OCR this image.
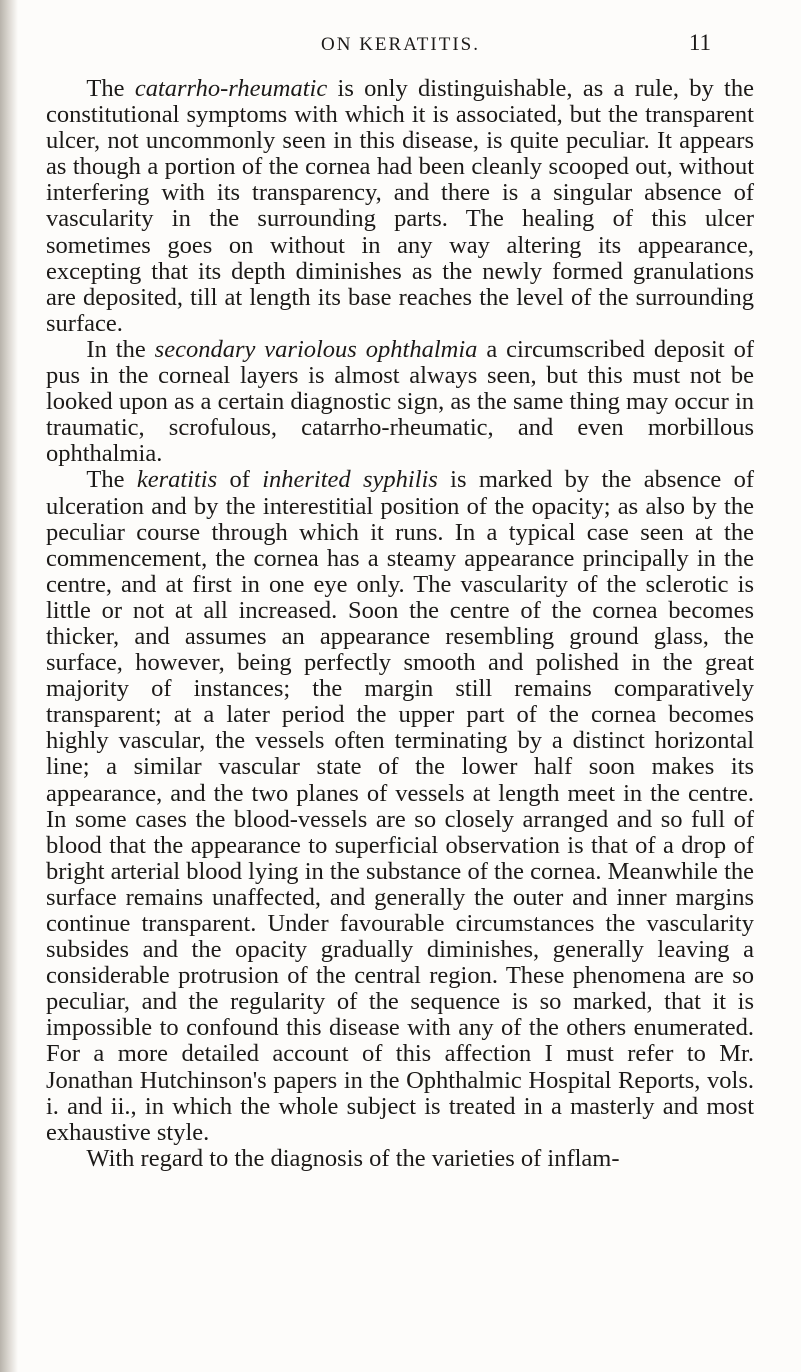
ON KERATITIS.	11

The catarrho-rheumatic is only distinguishable, as a rule, by the constitutional symptoms with which it is associated, but the transparent ulcer, not uncommonly seen in this disease, is quite peculiar. It appears as though a portion of the cornea had been cleanly scooped out, without interfering with its transparency, and there is a singular absence of vascularity in the surrounding parts. The healing of this ulcer sometimes goes on without in any way altering its appearance, excepting that its depth diminishes as the newly formed granulations are deposited, till at length its base reaches the level of the surrounding surface.

In the secondary variolous ophthalmia a circumscribed deposit of pus in the corneal layers is almost always seen, but this must not be looked upon as a certain diagnostic sign, as the same thing may occur in traumatic, scrofulous, catarrho-rheumatic, and even morbillous ophthalmia.

The keratitis of inherited syphilis is marked by the absence of ulceration and by the interestitial position of the opacity; as also by the peculiar course through which it runs. In a typical case seen at the commencement, the cornea has a steamy appearance principally in the centre, and at first in one eye only. The vascularity of the sclerotic is little or not at all increased. Soon the centre of the cornea becomes thicker, and assumes an appearance resembling ground glass, the surface, however, being perfectly smooth and polished in the great majority of instances; the margin still remains comparatively transparent; at a later period the upper part of the cornea becomes highly vascular, the vessels often terminating by a distinct horizontal line; a similar vascular state of the lower half soon makes its appearance, and the two planes of vessels at length meet in the centre. In some cases the blood-vessels are so closely arranged and so full of blood that the appearance to superficial observation is that of a drop of bright arterial blood lying in the substance of the cornea. Meanwhile the surface remains unaffected, and generally the outer and inner margins continue transparent. Under favourable circumstances the vascularity subsides and the opacity gradually diminishes, generally leaving a considerable protrusion of the central region. These phenomena are so peculiar, and the regularity of the sequence is so marked, that it is impossible to confound this disease with any of the others enumerated. For a more detailed account of this affection I must refer to Mr. Jonathan Hutchinson's papers in the Ophthalmic Hospital Reports, vols. i. and ii., in which the whole subject is treated in a masterly and most exhaustive style.

With regard to the diagnosis of the varieties of inflam-
